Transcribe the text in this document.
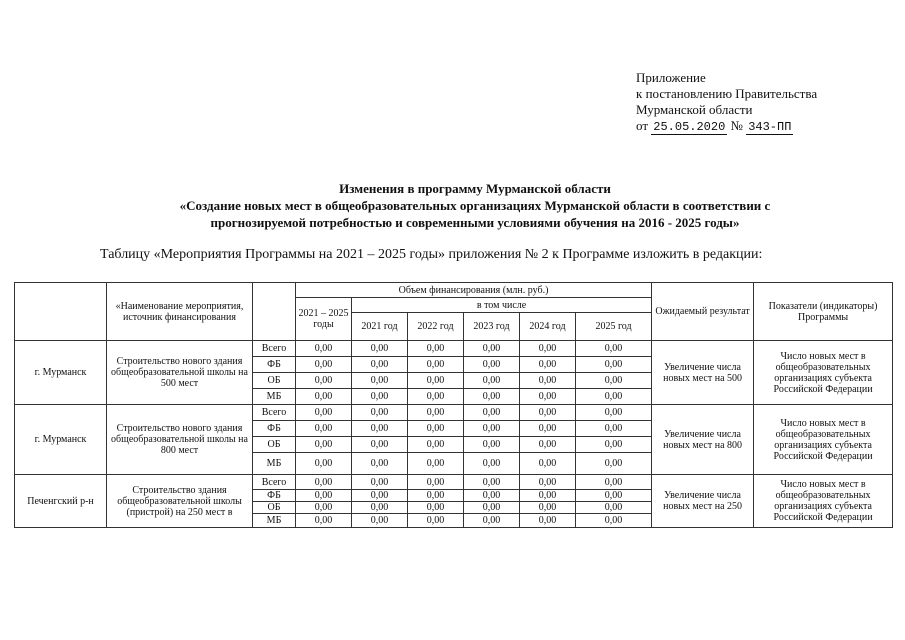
Приложение
к постановлению Правительства
Мурманской области
от 25.05.2020 № 343-ПП
Изменения в программу Мурманской области
«Создание новых мест в общеобразовательных организациях Мурманской области в соответствии с
прогнозируемой потребностью и современными условиями обучения на 2016 - 2025 годы»
Таблицу «Мероприятия Программы на 2021 – 2025 годы» приложения № 2 к Программе изложить в редакции:
	«Наименование мероприятия, источник финансирования		Объем финансирования (млн. руб.)						Ожидаемый результат	Показатели (индикаторы) Программы
			2021 – 2025 годы	в том числе						
				2021 год	2022 год	2023 год	2024 год	2025 год		
г. Мурманск	Строительство нового здания общеобразовательной школы на 500 мест	Всего	0,00	0,00	0,00	0,00	0,00	0,00	Увеличение числа новых мест на 500	Число новых мест в общеобразовательных организациях субъекта Российской Федерации
		ФБ	0,00	0,00	0,00	0,00	0,00	0,00		
		ОБ	0,00	0,00	0,00	0,00	0,00	0,00		
		МБ	0,00	0,00	0,00	0,00	0,00	0,00		
г. Мурманск	Строительство нового здания общеобразовательной школы на 800 мест	Всего	0,00	0,00	0,00	0,00	0,00	0,00	Увеличение числа новых мест на 800	Число новых мест в общеобразовательных организациях субъекта Российской Федерации
		ФБ	0,00	0,00	0,00	0,00	0,00	0,00		
		ОБ	0,00	0,00	0,00	0,00	0,00	0,00		
		МБ	0,00	0,00	0,00	0,00	0,00	0,00		
Печенгский р-н	Строительство здания общеобразовательной школы (пристрой) на 250 мест в	Всего	0,00	0,00	0,00	0,00	0,00	0,00	Увеличение числа новых мест на 250	Число новых мест в общеобразовательных организациях субъекта Российской Федерации
		ФБ	0,00	0,00	0,00	0,00	0,00	0,00		
		ОБ	0,00	0,00	0,00	0,00	0,00	0,00		
		МБ	0,00	0,00	0,00	0,00	0,00	0,00		
